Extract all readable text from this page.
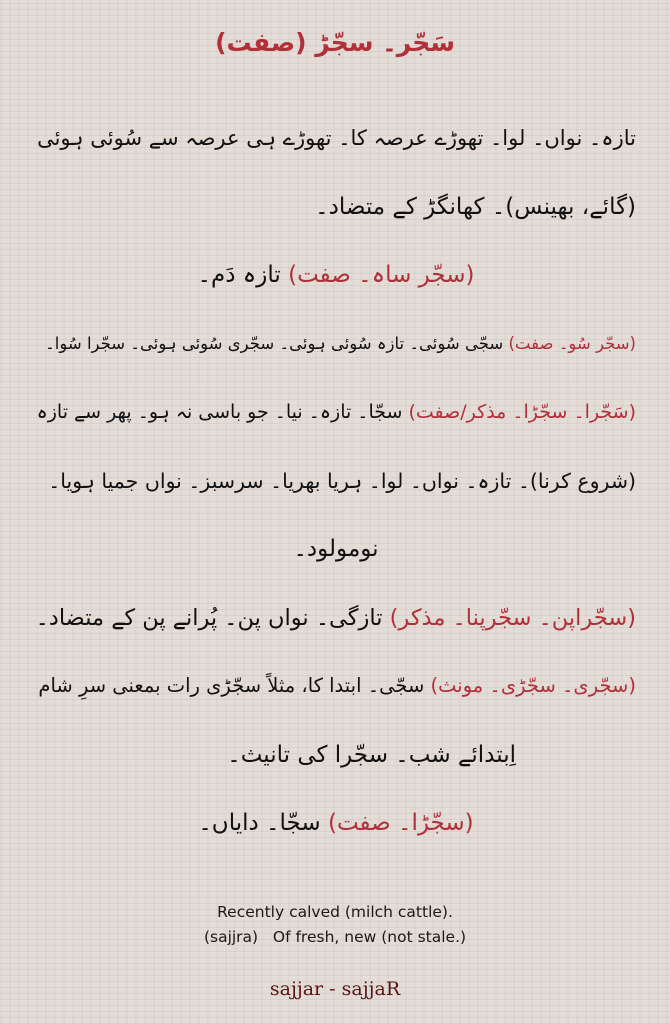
سَجّر۔ سجّڑ (صفت)
تازہ۔ نواں۔ لوا۔ تھوڑے عرصہ کا۔ تھوڑے ہی عرصہ سے سُوئی ہوئی
(گائے، بھینس)۔ کھانگڑ کے متضاد۔
(سجّر ساہ۔ صفت) تازہ دَم۔
(سجّر سُو۔ صفت) سجّی سُوئی۔ تازہ سُوئی ہوئی۔ سجّری سُوئی ہوئی۔ سجّرا سُوا۔
(سَجّرا۔ سجّڑا۔ مذکر/صفت) سجّا۔ تازہ۔ نیا۔ جو باسی نہ ہو۔ پھر سے تازہ
(شروع کرنا)۔ تازہ۔ نواں۔ لوا۔ ہریا بھریا۔ سرسبز۔ نواں جمیا ہویا۔
نومولود۔
(سجّراپن۔ سجّرپنا۔ مذکر) تازگی۔ نواں پن۔ پُرانے پن کے متضاد۔
(سجّری۔ سجّڑی۔ مونث) سجّی۔ ابتدا کا، مثلاً سجّڑی رات بمعنی سرِ شام
اِبتدائے شب۔ سجّرا کی تانیث۔
(سجّڑا۔ صفت) سجّا۔ دایاں۔
Recently calved (milch cattle).
(sajjra)   Of fresh, new (not stale.)
sajjar - sajjaR
